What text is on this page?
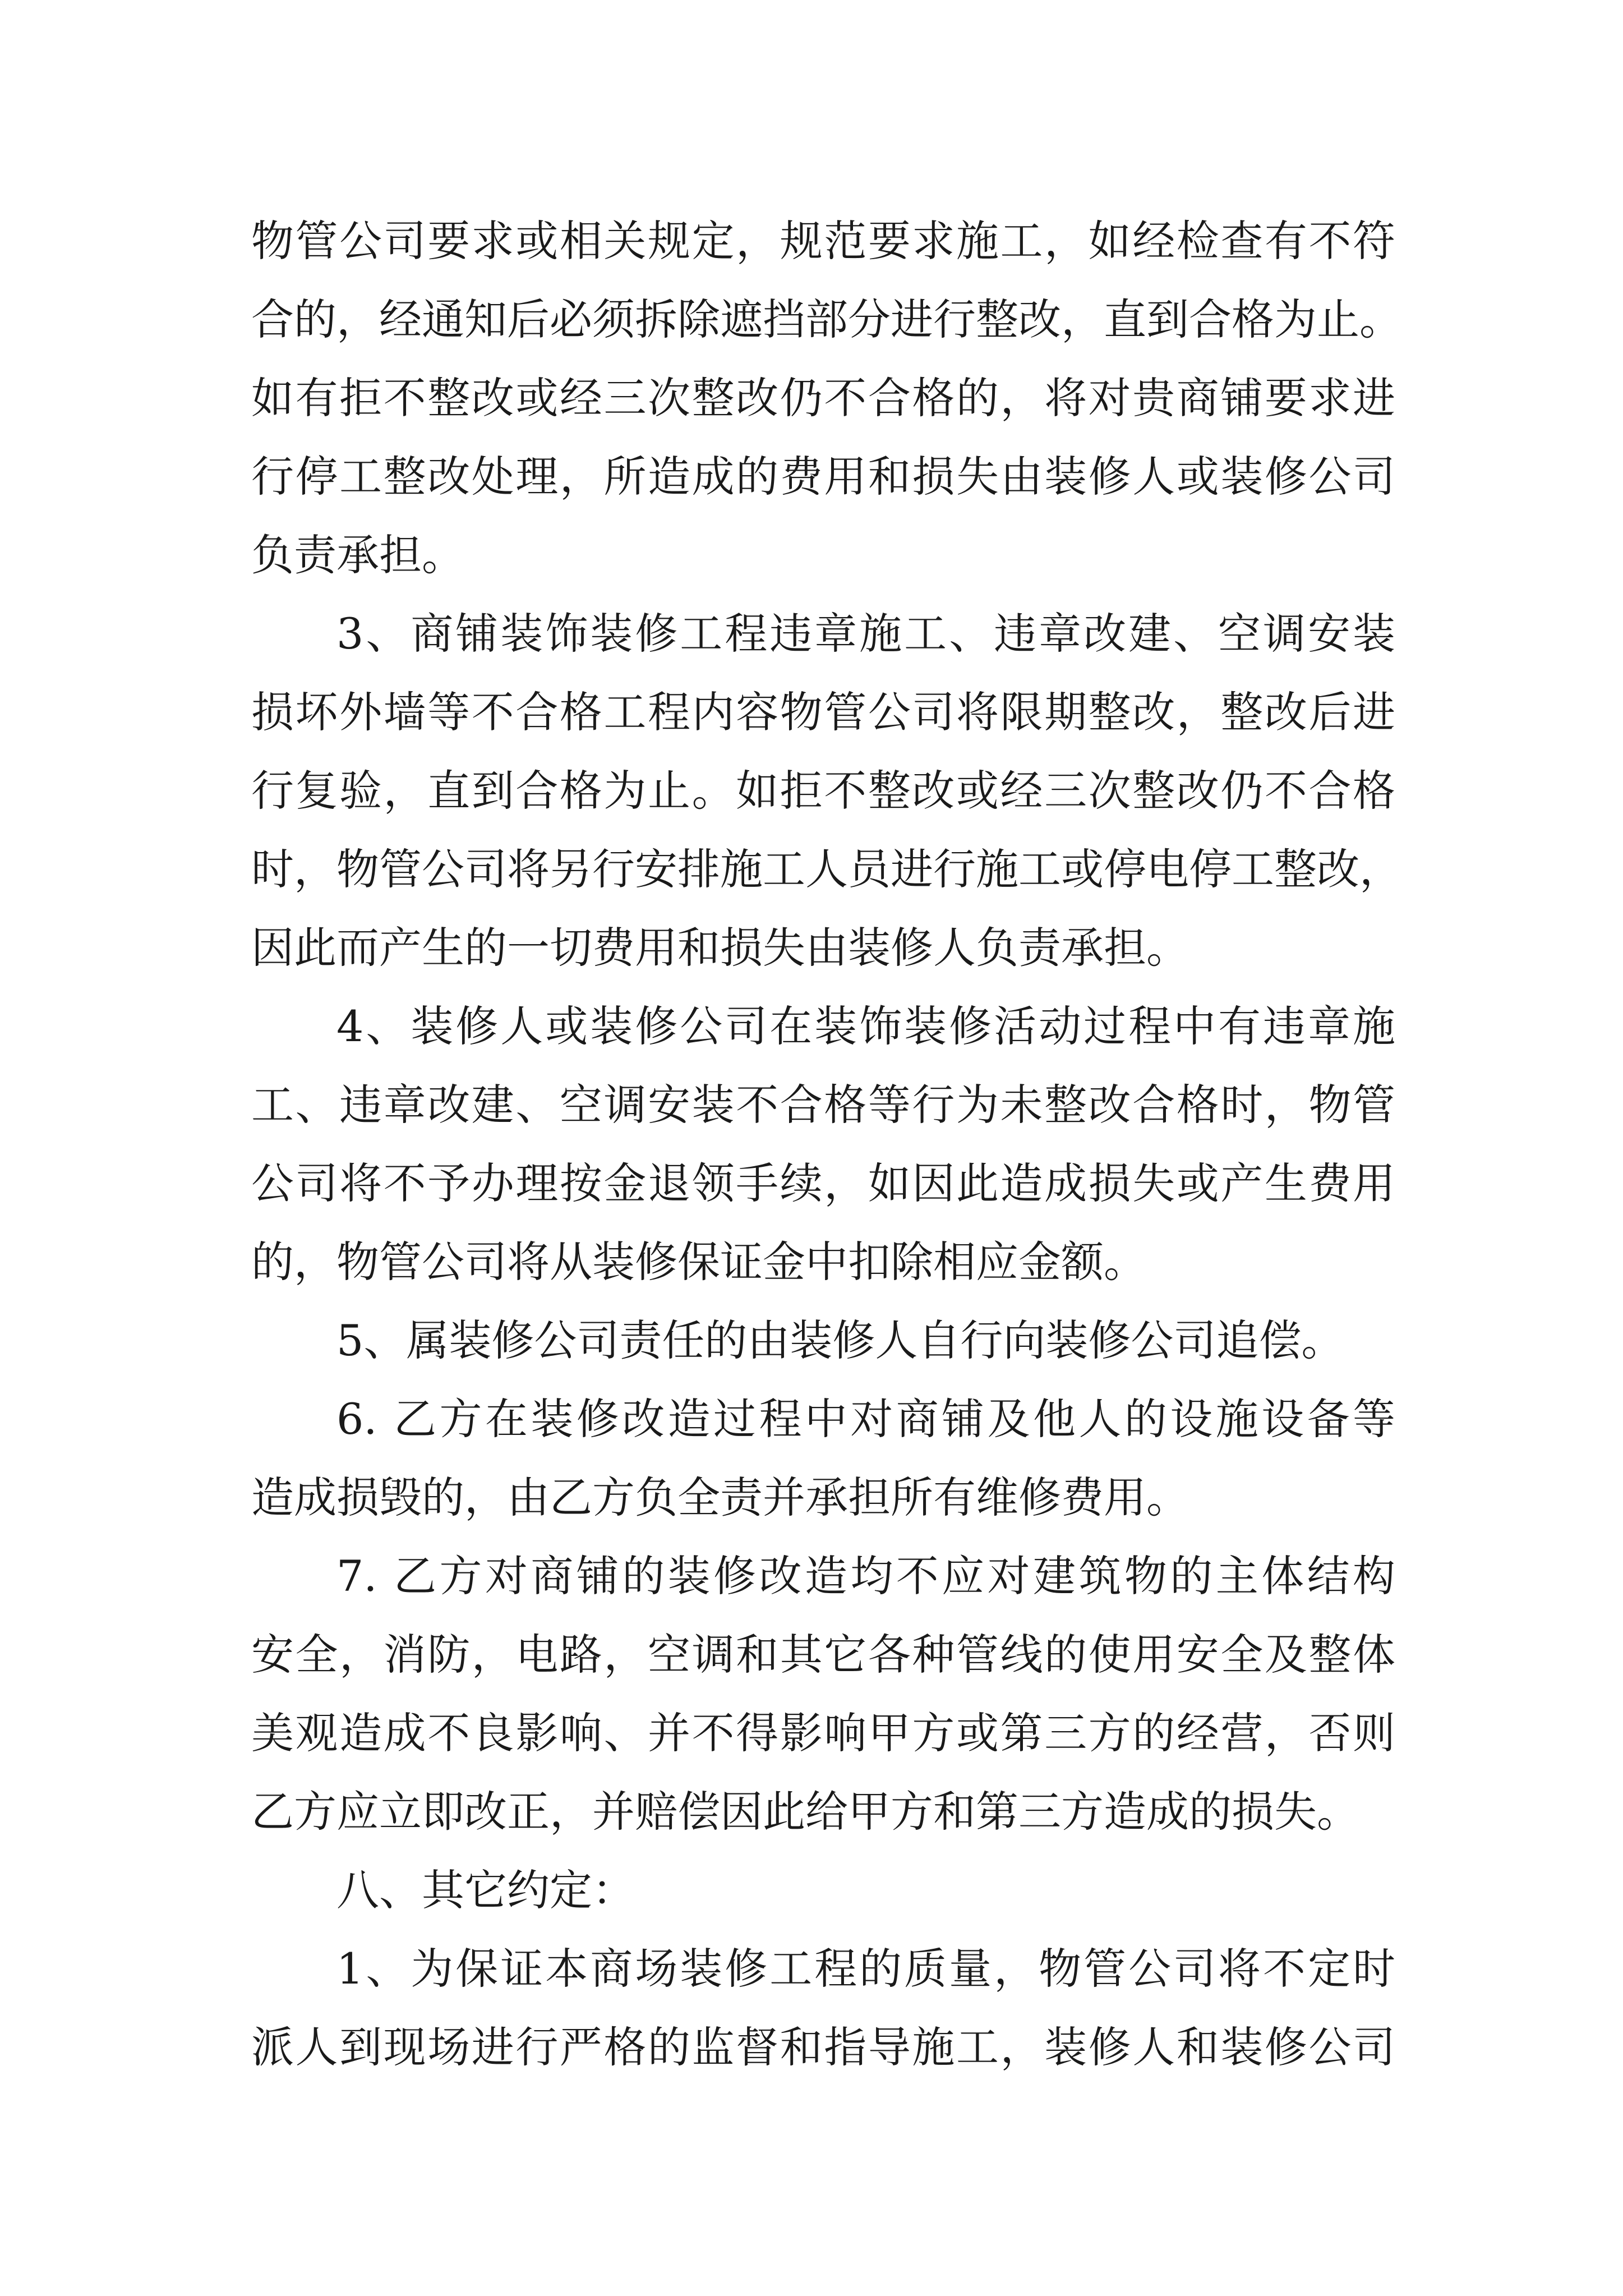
物管公司要求或相关规定，规范要求施工，如经检查有不符
合的，经通知后必须拆除遮挡部分进行整改，直到合格为止。
如有拒不整改或经三次整改仍不合格的，将对贵商铺要求进
行停工整改处理，所造成的费用和损失由装修人或装修公司
负责承担。
3、商铺装饰装修工程违章施工、违章改建、空调安装
损坏外墙等不合格工程内容物管公司将限期整改，整改后进
行复验，直到合格为止。如拒不整改或经三次整改仍不合格
时，物管公司将另行安排施工人员进行施工或停电停工整改，
因此而产生的一切费用和损失由装修人负责承担。
4、装修人或装修公司在装饰装修活动过程中有违章施
工、违章改建、空调安装不合格等行为未整改合格时，物管
公司将不予办理按金退领手续，如因此造成损失或产生费用
的，物管公司将从装修保证金中扣除相应金额。
5、属装修公司责任的由装修人自行向装修公司追偿。
6. 乙方在装修改造过程中对商铺及他人的设施设备等
造成损毁的，由乙方负全责并承担所有维修费用。
7. 乙方对商铺的装修改造均不应对建筑物的主体结构
安全，消防，电路，空调和其它各种管线的使用安全及整体
美观造成不良影响、并不得影响甲方或第三方的经营，否则
乙方应立即改正，并赔偿因此给甲方和第三方造成的损失。
八、其它约定：
1、为保证本商场装修工程的质量，物管公司将不定时
派人到现场进行严格的监督和指导施工，装修人和装修公司
